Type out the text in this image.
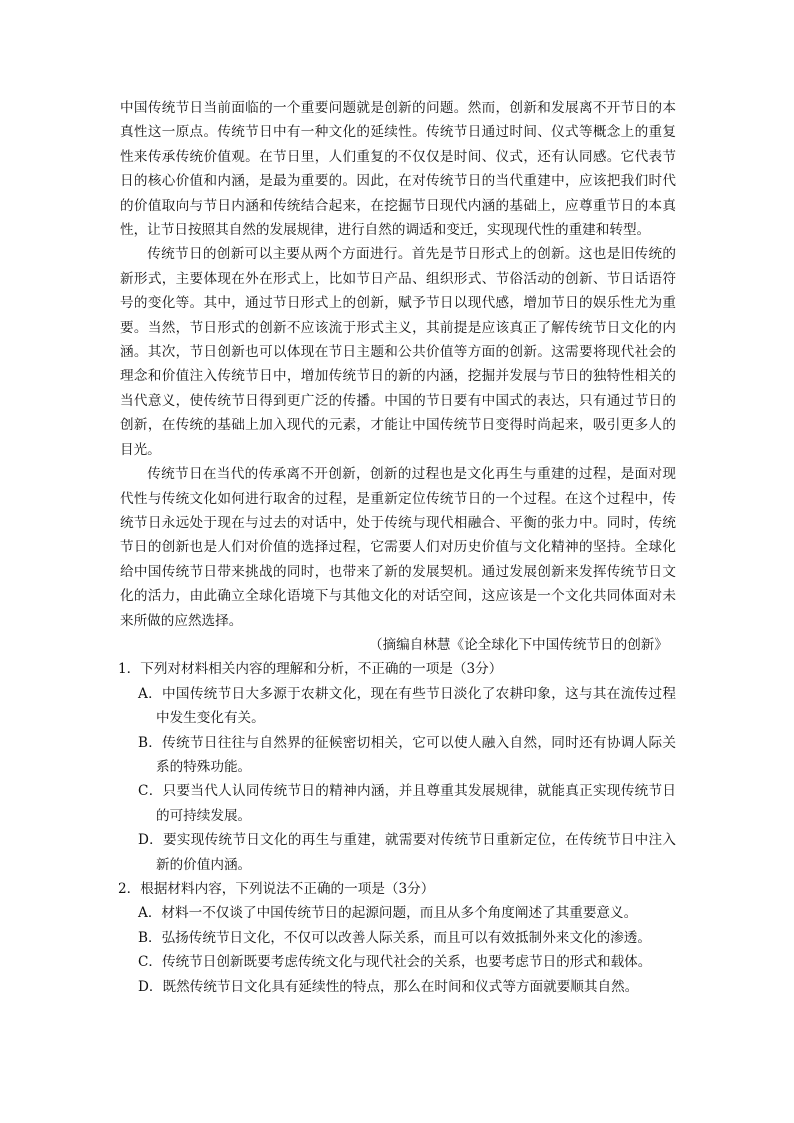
中国传统节日当前面临的一个重要问题就是创新的问题。然而，创新和发展离不开节日的本真性这一原点。传统节日中有一种文化的延续性。传统节日通过时间、仪式等概念上的重复性来传承传统价值观。在节日里，人们重复的不仅仅是时间、仪式，还有认同感。它代表节日的核心价值和内涵，是最为重要的。因此，在对传统节日的当代重建中，应该把我们时代的价值取向与节日内涵和传统结合起来，在挖掘节日现代内涵的基础上，应尊重节日的本真性，让节日按照其自然的发展规律，进行自然的调适和变迁，实现现代性的重建和转型。

传统节日的创新可以主要从两个方面进行。首先是节日形式上的创新。这也是旧传统的新形式，主要体现在外在形式上，比如节日产品、组织形式、节俗活动的创新、节日话语符号的变化等。其中，通过节日形式上的创新，赋予节日以现代感，增加节日的娱乐性尤为重要。当然，节日形式的创新不应该流于形式主义，其前提是应该真正了解传统节日文化的内涵。其次，节日创新也可以体现在节日主题和公共价值等方面的创新。这需要将现代社会的理念和价值注入传统节日中，增加传统节日的新的内涵，挖掘并发展与节日的独特性相关的当代意义，使传统节日得到更广泛的传播。中国的节日要有中国式的表达，只有通过节日的创新，在传统的基础上加入现代的元素，才能让中国传统节日变得时尚起来，吸引更多人的目光。

传统节日在当代的传承离不开创新，创新的过程也是文化再生与重建的过程，是面对现代性与传统文化如何进行取舍的过程，是重新定位传统节日的一个过程。在这个过程中，传统节日永远处于现在与过去的对话中，处于传统与现代相融合、平衡的张力中。同时，传统节日的创新也是人们对价值的选择过程，它需要人们对历史价值与文化精神的坚持。全球化给中国传统节日带来挑战的同时，也带来了新的发展契机。通过发展创新来发挥传统节日文化的活力，由此确立全球化语境下与其他文化的对话空间，这应该是一个文化共同体面对未来所做的应然选择。

（摘编自林慧《论全球化下中国传统节日的创新》

1．下列对材料相关内容的理解和分析，不正确的一项是（3分）

A．中国传统节日大多源于农耕文化，现在有些节日淡化了农耕印象，这与其在流传过程中发生变化有关。

B．传统节日往往与自然界的征候密切相关，它可以使人融入自然，同时还有协调人际关系的特殊功能。

C．只要当代人认同传统节日的精神内涵，并且尊重其发展规律，就能真正实现传统节日的可持续发展。

D．要实现传统节日文化的再生与重建，就需要对传统节日重新定位，在传统节日中注入新的价值内涵。

2．根据材料内容，下列说法不正确的一项是（3分）

A．材料一不仅谈了中国传统节日的起源问题，而且从多个角度阐述了其重要意义。

B．弘扬传统节日文化，不仅可以改善人际关系，而且可以有效抵制外来文化的渗透。

C．传统节日创新既要考虑传统文化与现代社会的关系，也要考虑节日的形式和载体。

D．既然传统节日文化具有延续性的特点，那么在时间和仪式等方面就要顺其自然。
